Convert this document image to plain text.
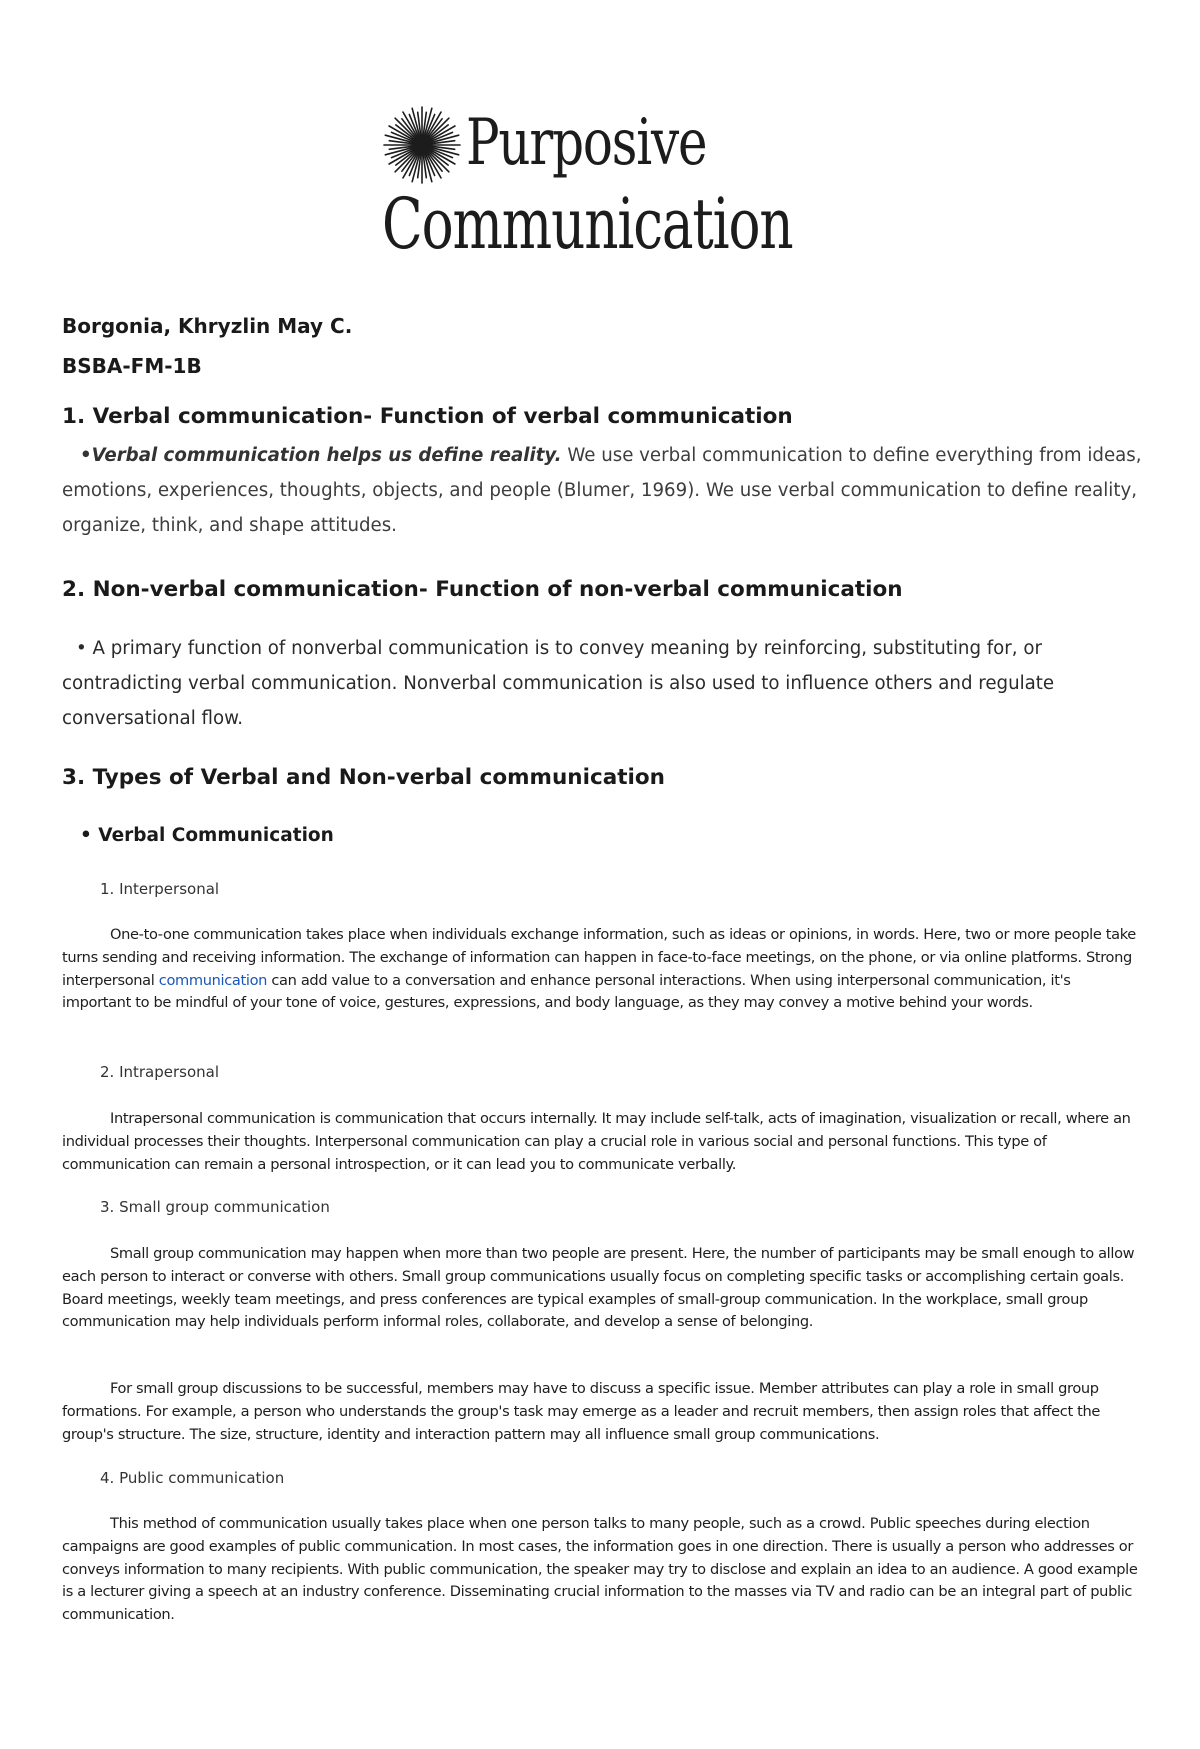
Purposive
Communication
Borgonia, Khryzlin May C.
BSBA-FM-1B
1. Verbal communication- Function of verbal communication

•Verbal communication helps us define reality. We use verbal communication to define everything from ideas, emotions, experiences, thoughts, objects, and people (Blumer, 1969). We use verbal communication to define reality, organize, think, and shape attitudes.

2. Non-verbal communication- Function of non-verbal communication

• A primary function of nonverbal communication is to convey meaning by reinforcing, substituting for, or contradicting verbal communication. Nonverbal communication is also used to influence others and regulate conversational flow.

3. Types of Verbal and Non-verbal communication
• Verbal Communication
1. Interpersonal

One-to-one communication takes place when individuals exchange information, such as ideas or opinions, in words. Here, two or more people take turns sending and receiving information. The exchange of information can happen in face-to-face meetings, on the phone, or via online platforms. Strong interpersonal communication can add value to a conversation and enhance personal interactions. When using interpersonal communication, it's important to be mindful of your tone of voice, gestures, expressions, and body language, as they may convey a motive behind your words.

2. Intrapersonal

Intrapersonal communication is communication that occurs internally. It may include self-talk, acts of imagination, visualization or recall, where an individual processes their thoughts. Interpersonal communication can play a crucial role in various social and personal functions. This type of communication can remain a personal introspection, or it can lead you to communicate verbally.

3. Small group communication

Small group communication may happen when more than two people are present. Here, the number of participants may be small enough to allow each person to interact or converse with others. Small group communications usually focus on completing specific tasks or accomplishing certain goals. Board meetings, weekly team meetings, and press conferences are typical examples of small-group communication. In the workplace, small group communication may help individuals perform informal roles, collaborate, and develop a sense of belonging.

For small group discussions to be successful, members may have to discuss a specific issue. Member attributes can play a role in small group formations. For example, a person who understands the group's task may emerge as a leader and recruit members, then assign roles that affect the group's structure. The size, structure, identity and interaction pattern may all influence small group communications.

4. Public communication

This method of communication usually takes place when one person talks to many people, such as a crowd. Public speeches during election campaigns are good examples of public communication. In most cases, the information goes in one direction. There is usually a person who addresses or conveys information to many recipients. With public communication, the speaker may try to disclose and explain an idea to an audience. A good example is a lecturer giving a speech at an industry conference. Disseminating crucial information to the masses via TV and radio can be an integral part of public communication.
